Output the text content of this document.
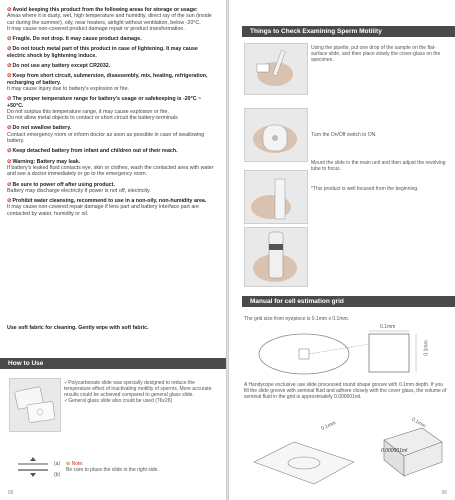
⊘Avoid keeping this product from the following areas for storage or usage:

Areas where it is dusty, wet, high temperature and humidity, direct ray of the sun (inside car during the summer), oily, near heaters, airtight without ventilation, below -20°C.

It may cause non-covered product damage repair or product transformation.

⊘Fragile. Do not drop. It may cause product damage.

⊘Do not touch metal part of this product in case of lightening. It may cause electric shock by lightening induce.

⊘Do not use any battery except CR2032.

⊘Keep from short circuit, submersion, disassembly, mix, heating, refrigeration, recharging of battery.

It may cause injury due to battery's explosion or fire.

⊘The proper temperature range for battery's usage or safekeeping is -20°C ~ +50°C.

Do not surplus this temperature range, it may cause explosion or fire.

Do not allow metal objects to contact or short circuit the battery-terminals

⊘Do not swallow battery.

Contact emergency room or inform doctor as soon as possible in case of swallowing battery.

⊘Keep detached battery from infant and children out of their reach.

⊘Warning: Battery may leak.

If battery's leaked fluid contacts eye, skin or clothes, wash the contacted area with water and see a doctor immediately or go to the emergency room.

⊘Be sure to power off after using product.

Battery may discharge electricity if power is not off, electricity.

⊘Prohibit water cleansing, recommend to use in a non-oily, non-humidity area.

It may cause non-covered repair damage if lens part and battery interface part are contacted by water, humidity or oil.

Use soft fabric for cleaning. Gently wipe with soft fabric.

How to Use
✓Polycarbonate slide was specially designed to reduce the temperature effect of inactivating motility of sperms. More accurate results could be achieved compared to general glass slide.
✓General glass slide also could be used (76x26)
(a)
(b)
⊘ Note:
Be care to place the slide in the right side.
05
Things to Check Examining Sperm Motility
Using the pipette, put one drop of the sample on the flat-surface slide, and then place slowly the cover-glass on the specimen.
Turn the On/Off switch to ON.
Mount the slide in the main unit and then adjust the revolving tube to focus.
*This product is well focused from the beginning.
Manual for cell estimation grid
The grid size from eyepiece is 0.1mm x 0.1mm.
0.1mm
0.1mm
A Handycope exclusive use slide processed round shape groove with 0.1mm depth. If you fill the slide groove with seminal fluid and adhere closely with the cover glass, the volume of seminal fluid in the grid is approximately 0.000001ml.
0.1mm	0.1mm
0.000001ml
06
